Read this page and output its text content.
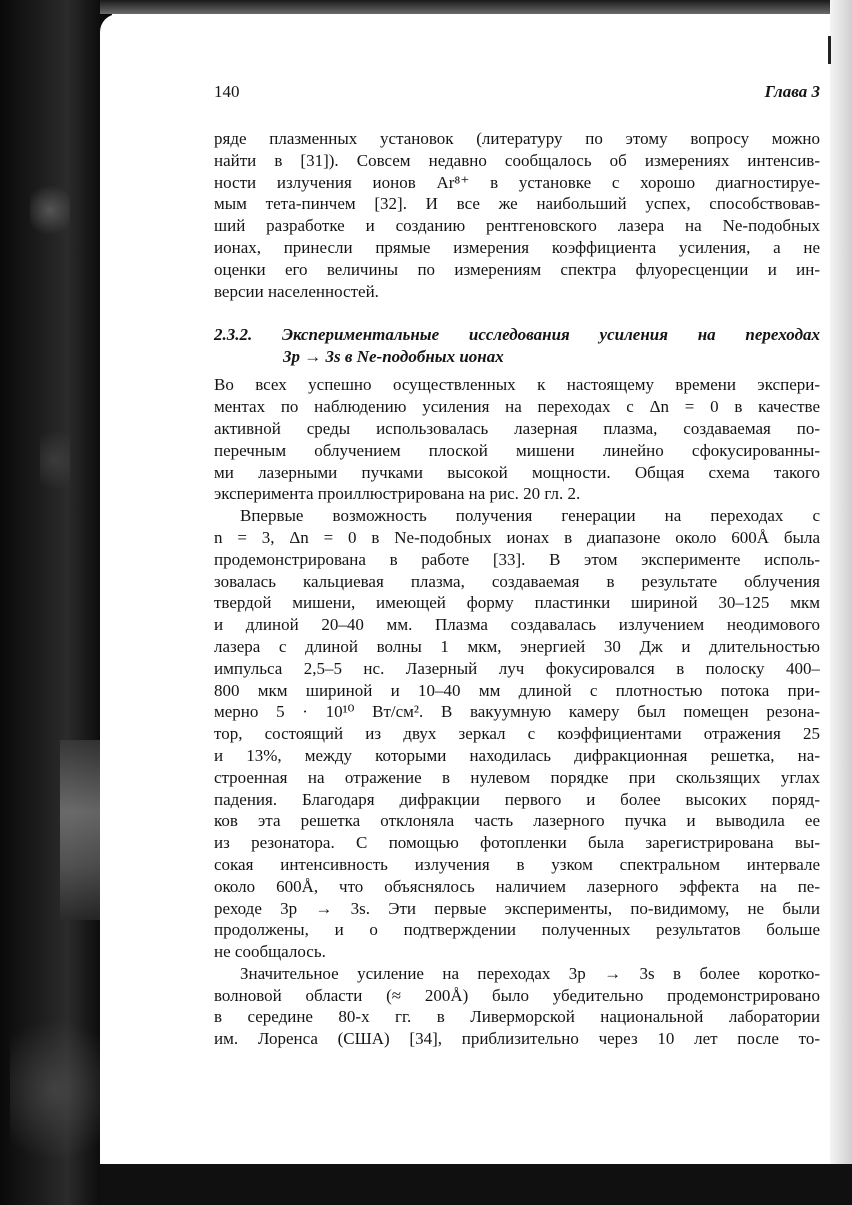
140	Глава 3
ряде плазменных установок (литературу по этому вопросу можно
найти в [31]). Совсем недавно сообщалось об измерениях интенсив-
ности излучения ионов Ar⁸⁺ в установке с хорошо диагностируе-
мым тета-пинчем [32]. И все же наибольший успех, способствовав-
ший разработке и созданию рентгеновского лазера на Ne-подобных
ионах, принесли прямые измерения коэффициента усиления, а не
оценки его величины по измерениям спектра флуоресценции и ин-
версии населенностей.
2.3.2. Экспериментальные исследования усиления на переходах
3p → 3s в Ne-подобных ионах
Во всех успешно осуществленных к настоящему времени экспери-
ментах по наблюдению усиления на переходах с Δn = 0 в качестве
активной среды использовалась лазерная плазма, создаваемая по-
перечным облучением плоской мишени линейно сфокусированны-
ми лазерными пучками высокой мощности. Общая схема такого
эксперимента проиллюстрирована на рис. 20 гл. 2.
Впервые возможность получения генерации на переходах с
n = 3, Δn = 0 в Ne-подобных ионах в диапазоне около 600Å была
продемонстрирована в работе [33]. В этом эксперименте исполь-
зовалась кальциевая плазма, создаваемая в результате облучения
твердой мишени, имеющей форму пластинки шириной 30–125 мкм
и длиной 20–40 мм. Плазма создавалась излучением неодимового
лазера с длиной волны 1 мкм, энергией 30 Дж и длительностью
импульса 2,5–5 нс. Лазерный луч фокусировался в полоску 400–
800 мкм шириной и 10–40 мм длиной с плотностью потока при-
мерно 5 · 10¹⁰ Вт/см². В вакуумную камеру был помещен резона-
тор, состоящий из двух зеркал с коэффициентами отражения 25
и 13%, между которыми находилась дифракционная решетка, на-
строенная на отражение в нулевом порядке при скользящих углах
падения. Благодаря дифракции первого и более высоких поряд-
ков эта решетка отклоняла часть лазерного пучка и выводила ее
из резонатора. С помощью фотопленки была зарегистрирована вы-
сокая интенсивность излучения в узком спектральном интервале
около 600Å, что объяснялось наличием лазерного эффекта на пе-
реходе 3p → 3s. Эти первые эксперименты, по-видимому, не были
продолжены, и о подтверждении полученных результатов больше
не сообщалось.
Значительное усиление на переходах 3p → 3s в более коротко-
волновой области (≈ 200Å) было убедительно продемонстрировано
в середине 80-х гг. в Ливерморской национальной лаборатории
им. Лоренса (США) [34], приблизительно через 10 лет после то-
